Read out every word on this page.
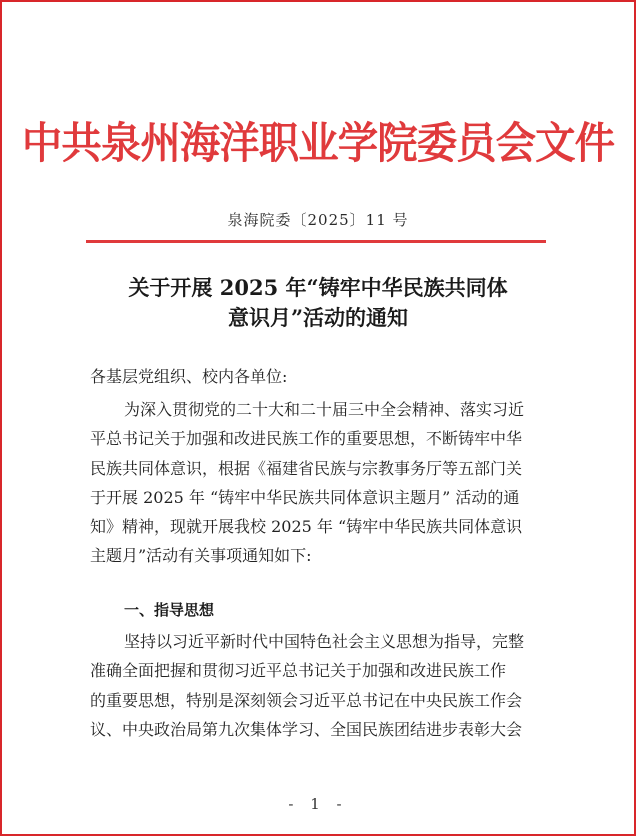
中共泉州海洋职业学院委员会文件
泉海院委〔2025〕11 号
关于开展 2025 年“铸牢中华民族共同体
意识月”活动的通知
各基层党组织、校内各单位:
为深入贯彻党的二十大和二十届三中全会精神、落实习近
平总书记关于加强和改进民族工作的重要思想，不断铸牢中华
民族共同体意识，根据《福建省民族与宗教事务厅等五部门关
于开展 2025 年 “铸牢中华民族共同体意识主题月” 活动的通
知》精神，现就开展我校 2025 年 “铸牢中华民族共同体意识
主题月”活动有关事项通知如下:
一、指导思想
坚持以习近平新时代中国特色社会主义思想为指导，完整
准确全面把握和贯彻习近平总书记关于加强和改进民族工作
的重要思想，特别是深刻领会习近平总书记在中央民族工作会
议、中央政治局第九次集体学习、全国民族团结进步表彰大会
- 1 -
